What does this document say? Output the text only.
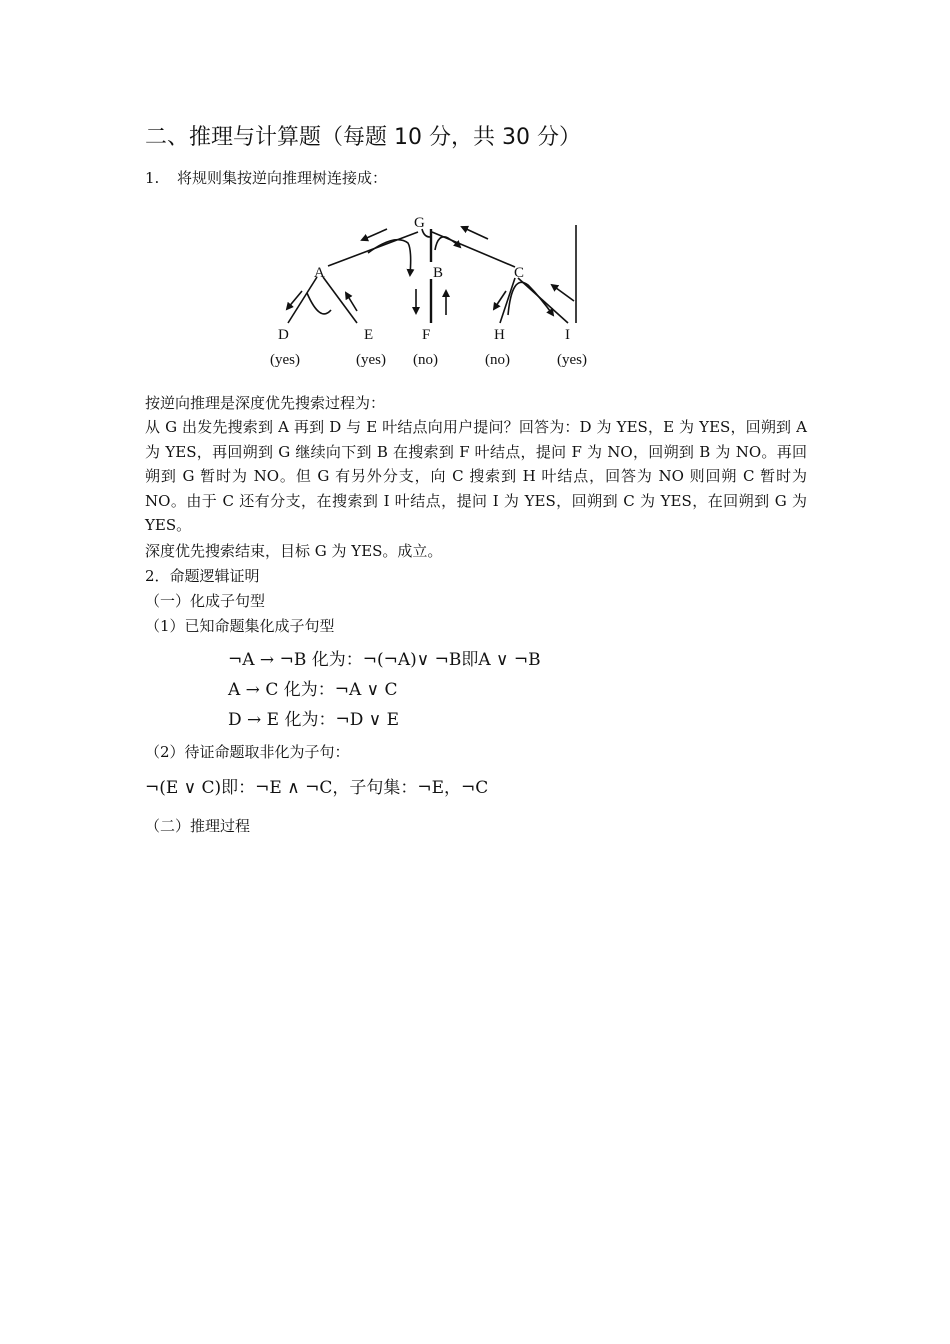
二、推理与计算题（每题 10 分，共 30 分）
1. 将规则集按逆向推理树连接成：
G
A	B	C
D	E	F	H	I
(yes)	(yes) (no)	(no)	(yes)
按逆向推理是深度优先搜索过程为：
从 G 出发先搜索到 A 再到 D 与 E 叶结点向用户提问？回答为：D 为 YES，E 为 YES，回朔到 A 为 YES，再回朔到 G 继续向下到 B 在搜索到 F 叶结点，提问 F 为 NO，回朔到 B 为 NO。再回朔到 G 暂时为 NO。但 G 有另外分支，向 C 搜索到 H 叶结点，回答为 NO 则回朔 C 暂时为 NO。由于 C 还有分支，在搜索到 I 叶结点，提问 I 为 YES，回朔到 C 为 YES，在回朔到 G 为 YES。
深度优先搜索结束，目标 G 为 YES。成立。
2．命题逻辑证明
（一）化成子句型
（1）已知命题集化成子句型
¬A → ¬B 化为：¬(¬A)∨ ¬B即A ∨ ¬B
A → C 化为：¬A ∨ C
D → E 化为：¬D ∨ E
（2）待证命题取非化为子句：
¬(E ∨ C)即：¬E ∧ ¬C，子句集：¬E，¬C
（二）推理过程
